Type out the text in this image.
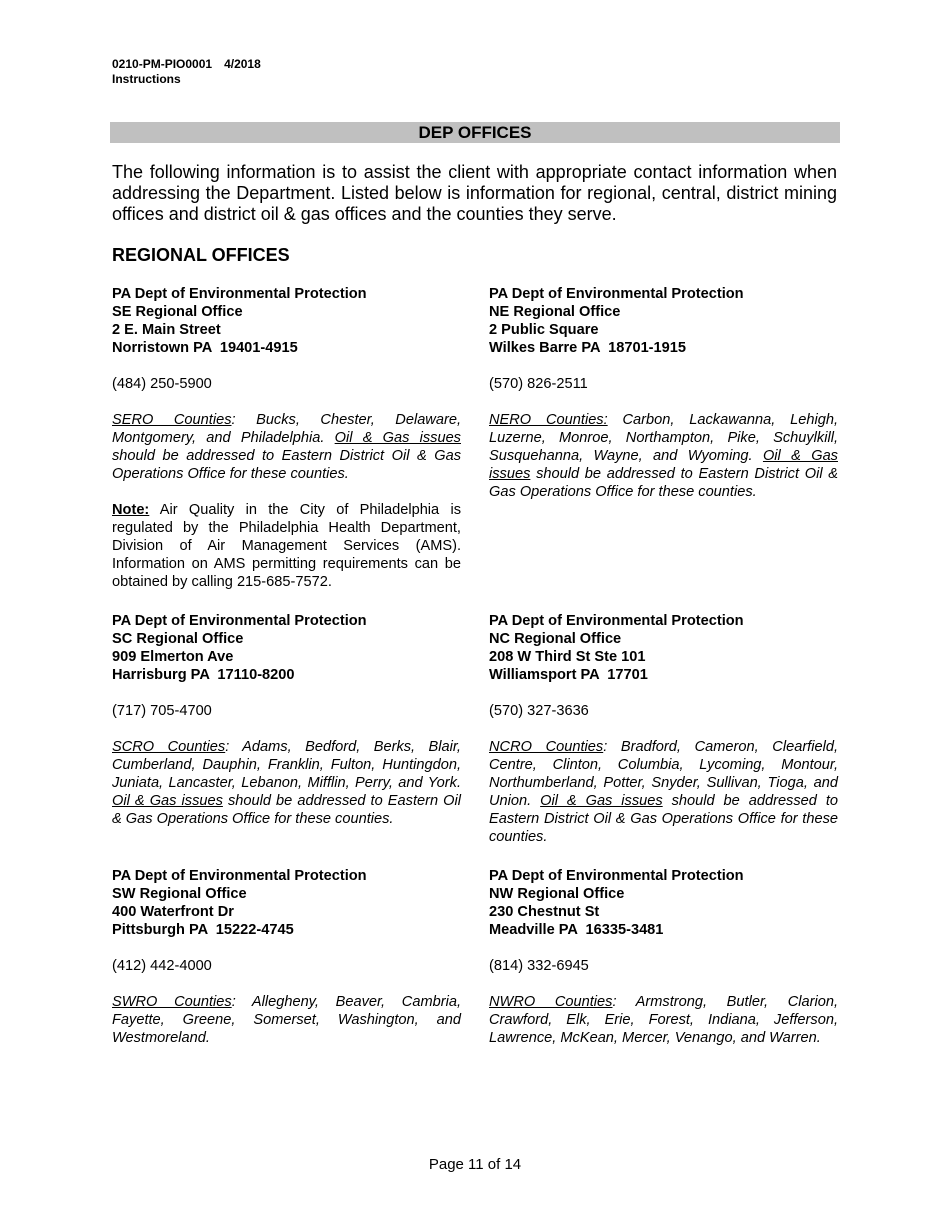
0210-PM-PIO0001 4/2018
Instructions
DEP OFFICES
The following information is to assist the client with appropriate contact information when addressing the Department. Listed below is information for regional, central, district mining offices and district oil & gas offices and the counties they serve.
REGIONAL OFFICES
PA Dept of Environmental Protection
SE Regional Office
2 E. Main Street
Norristown PA  19401-4915
(484) 250-5900
SERO Counties: Bucks, Chester, Delaware, Montgomery, and Philadelphia. Oil & Gas issues should be addressed to Eastern District Oil & Gas Operations Office for these counties.
Note: Air Quality in the City of Philadelphia is regulated by the Philadelphia Health Department, Division of Air Management Services (AMS). Information on AMS permitting requirements can be obtained by calling 215-685-7572.
PA Dept of Environmental Protection
NE Regional Office
2 Public Square
Wilkes Barre PA  18701-1915
(570) 826-2511
NERO Counties: Carbon, Lackawanna, Lehigh, Luzerne, Monroe, Northampton, Pike, Schuylkill, Susquehanna, Wayne, and Wyoming. Oil & Gas issues should be addressed to Eastern District Oil & Gas Operations Office for these counties.
PA Dept of Environmental Protection
SC Regional Office
909 Elmerton Ave
Harrisburg PA  17110-8200
(717) 705-4700
SCRO Counties: Adams, Bedford, Berks, Blair, Cumberland, Dauphin, Franklin, Fulton, Huntingdon, Juniata, Lancaster, Lebanon, Mifflin, Perry, and York. Oil & Gas issues should be addressed to Eastern Oil & Gas Operations Office for these counties.
PA Dept of Environmental Protection
NC Regional Office
208 W Third St Ste 101
Williamsport PA  17701
(570) 327-3636
NCRO Counties: Bradford, Cameron, Clearfield, Centre, Clinton, Columbia, Lycoming, Montour, Northumberland, Potter, Snyder, Sullivan, Tioga, and Union. Oil & Gas issues should be addressed to Eastern District Oil & Gas Operations Office for these counties.
PA Dept of Environmental Protection
SW Regional Office
400 Waterfront Dr
Pittsburgh PA  15222-4745
(412) 442-4000
SWRO Counties: Allegheny, Beaver, Cambria, Fayette, Greene, Somerset, Washington, and Westmoreland.
PA Dept of Environmental Protection
NW Regional Office
230 Chestnut St
Meadville PA  16335-3481
(814) 332-6945
NWRO Counties: Armstrong, Butler, Clarion, Crawford, Elk, Erie, Forest, Indiana, Jefferson, Lawrence, McKean, Mercer, Venango, and Warren.
Page 11 of 14
